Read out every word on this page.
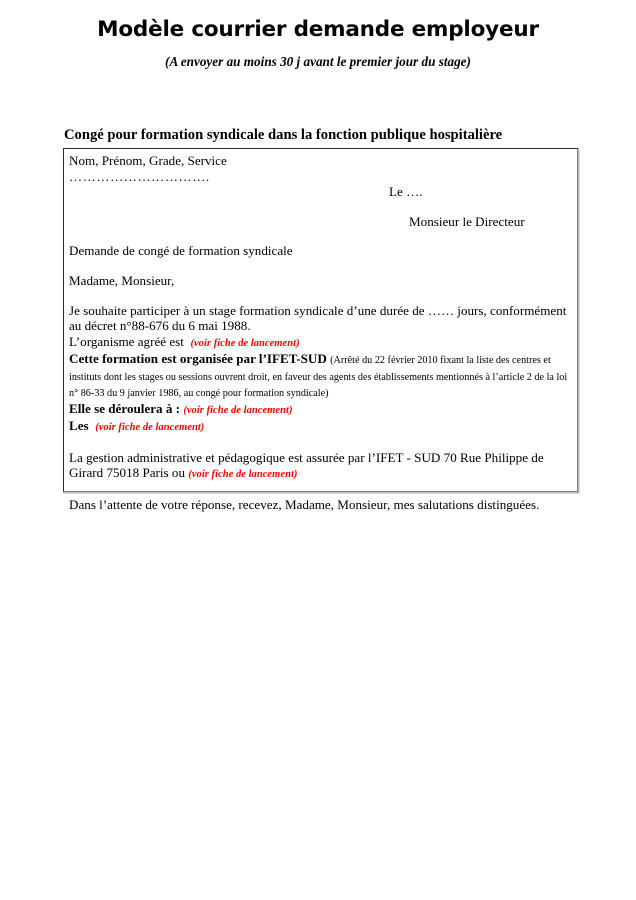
Modèle courrier demande employeur
(A envoyer au moins 30 j avant le premier jour du stage)
Congé pour formation syndicale dans la fonction publique hospitalière
Nom, Prénom, Grade, Service
………………………….
Le ….
Monsieur le Directeur
Demande de congé de formation syndicale
Madame, Monsieur,
Je souhaite participer à un stage formation syndicale d’une durée de …… jours, conformément au décret n°88-676 du 6 mai 1988.
L’organisme agréé est (voir fiche de lancement)
Cette formation est organisée par l’IFET-SUD (Arrêté du 22 février 2010 fixant la liste des centres et instituts dont les stages ou sessions ouvrent droit, en faveur des agents des établissements mentionnés à l’article 2 de la loi n° 86-33 du 9 janvier 1986, au congé pour formation syndicale)
Elle se déroulera à : (voir fiche de lancement)
Les (voir fiche de lancement)
La gestion administrative et pédagogique est assurée par l’IFET - SUD 70 Rue Philippe de Girard 75018 Paris ou (voir fiche de lancement)
Dans l’attente de votre réponse, recevez, Madame, Monsieur, mes salutations distinguées.
